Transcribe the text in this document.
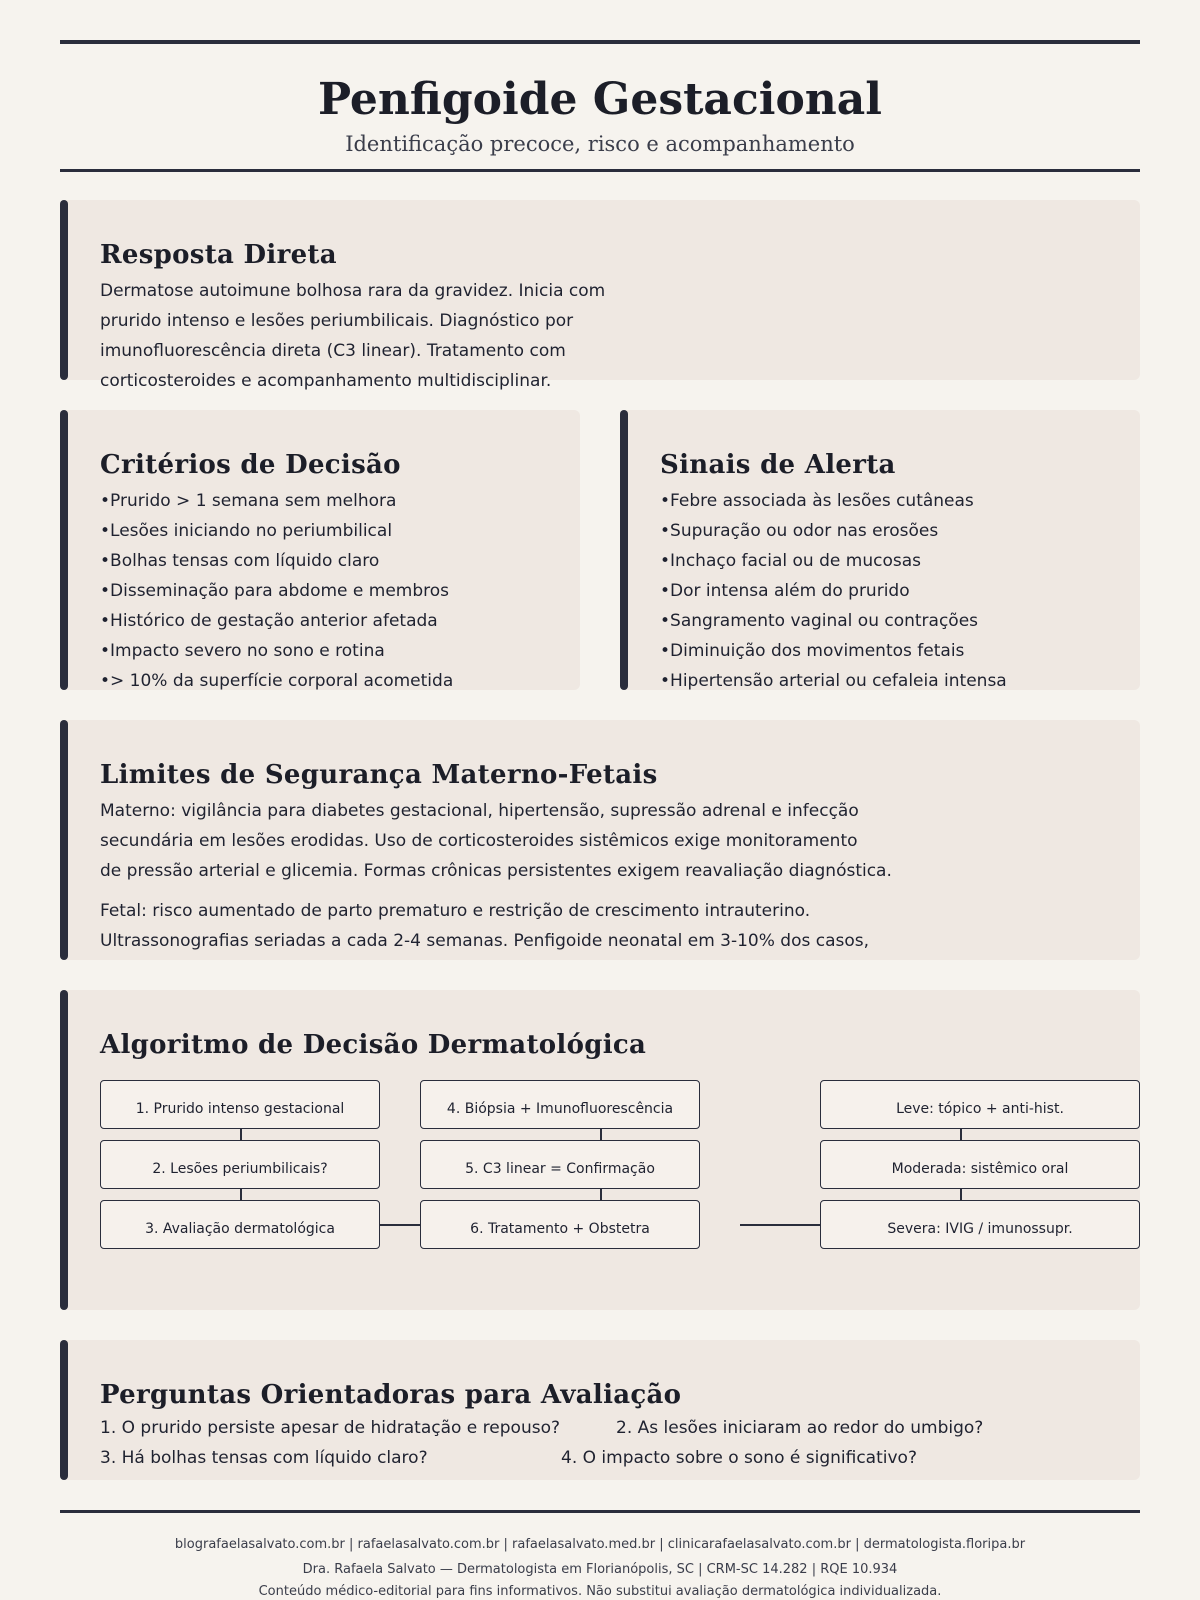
Penfigoide Gestacional
Identificação precoce, risco e acompanhamento
Resposta Direta
Dermatose autoimune bolhosa rara da gravidez. Inicia com
prurido intenso e lesões periumbilicais. Diagnóstico por
imunofluorescência direta (C3 linear). Tratamento com
corticosteroides e acompanhamento multidisciplinar.
Critérios de Decisão
• Prurido > 1 semana sem melhora
• Lesões iniciando no periumbilical
• Bolhas tensas com líquido claro
• Disseminação para abdome e membros
• Histórico de gestação anterior afetada
• Impacto severo no sono e rotina
• > 10% da superfície corporal acometida
Sinais de Alerta
• Febre associada às lesões cutâneas
• Supuração ou odor nas erosões
• Inchaço facial ou de mucosas
• Dor intensa além do prurido
• Sangramento vaginal ou contrações
• Diminuição dos movimentos fetais
• Hipertensão arterial ou cefaleia intensa
Limites de Segurança Materno-Fetais
Materno: vigilância para diabetes gestacional, hipertensão, supressão adrenal e infecção
secundária em lesões erodidas. Uso de corticosteroides sistêmicos exige monitoramento
de pressão arterial e glicemia. Formas crônicas persistentes exigem reavaliação diagnóstica.
Fetal: risco aumentado de parto prematuro e restrição de crescimento intrauterino.
Ultrassonografias seriadas a cada 2-4 semanas. Penfigoide neonatal em 3-10% dos casos,
Algoritmo de Decisão Dermatológica
1. Prurido intenso gestacional
2. Lesões periumbilicais?
3. Avaliação dermatológica
4. Biópsia + Imunofluorescência
5. C3 linear = Confirmação
6. Tratamento + Obstetra
Leve: tópico + anti-hist.
Moderada: sistêmico oral
Severa: IVIG / imunossupr.
Perguntas Orientadoras para Avaliação
1. O prurido persiste apesar de hidratação e repouso?	2. As lesões iniciaram ao redor do umbigo?
3. Há bolhas tensas com líquido claro?	4. O impacto sobre o sono é significativo?
blografaelasalvato.com.br | rafaelasalvato.com.br | rafaelasalvato.med.br | clinicarafaelasalvato.com.br | dermatologista.floripa.br
Dra. Rafaela Salvato — Dermatologista em Florianópolis, SC | CRM-SC 14.282 | RQE 10.934
Conteúdo médico-editorial para fins informativos. Não substitui avaliação dermatológica individualizada.
